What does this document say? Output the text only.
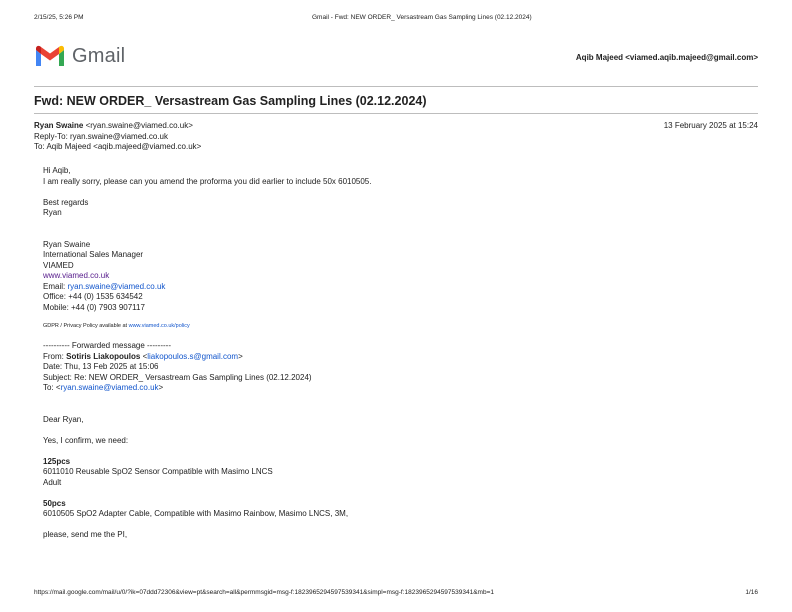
2/15/25, 5:26 PM	Gmail - Fwd: NEW ORDER_ Versastream Gas Sampling Lines (02.12.2024)
Gmail	Aqib Majeed <viamed.aqib.majeed@gmail.com>
Fwd: NEW ORDER_ Versastream Gas Sampling Lines (02.12.2024)
Ryan Swaine <ryan.swaine@viamed.co.uk>
Reply-To: ryan.swaine@viamed.co.uk
To: Aqib Majeed <aqib.majeed@viamed.co.uk>
13 February 2025 at 15:24

Hi Aqib,

I am really sorry, please can you amend the proforma you did earlier to include 50x 6010505.

Best regards

Ryan

Ryan Swaine

International Sales Manager

VIAMED

www.viamed.co.uk

Email: ryan.swaine@viamed.co.uk

Office: +44 (0) 1535 634542

Mobile: +44 (0) 7903 907117

GDPR / Privacy Policy available at www.viamed.co.uk/policy

---------- Forwarded message ---------

From: Sotiris Liakopoulos <liakopoulos.s@gmail.com>

Date: Thu, 13 Feb 2025 at 15:06

Subject: Re: NEW ORDER_ Versastream Gas Sampling Lines (02.12.2024)

To: <ryan.swaine@viamed.co.uk>

Dear Ryan,

Yes, I confirm, we need:

125pcs

6011010 Reusable SpO2 Sensor Compatible with Masimo LNCS

Adult

50pcs

6010505 SpO2 Adapter Cable, Compatible with Masimo Rainbow, Masimo LNCS, 3M,

please, send me the PI,

https://mail.google.com/mail/u/0/?ik=07ddd72306&view=pt&search=all&permmsgid=msg-f:1823965294597539341&simpl=msg-f:1823965294597539341&mb=1	1/16
